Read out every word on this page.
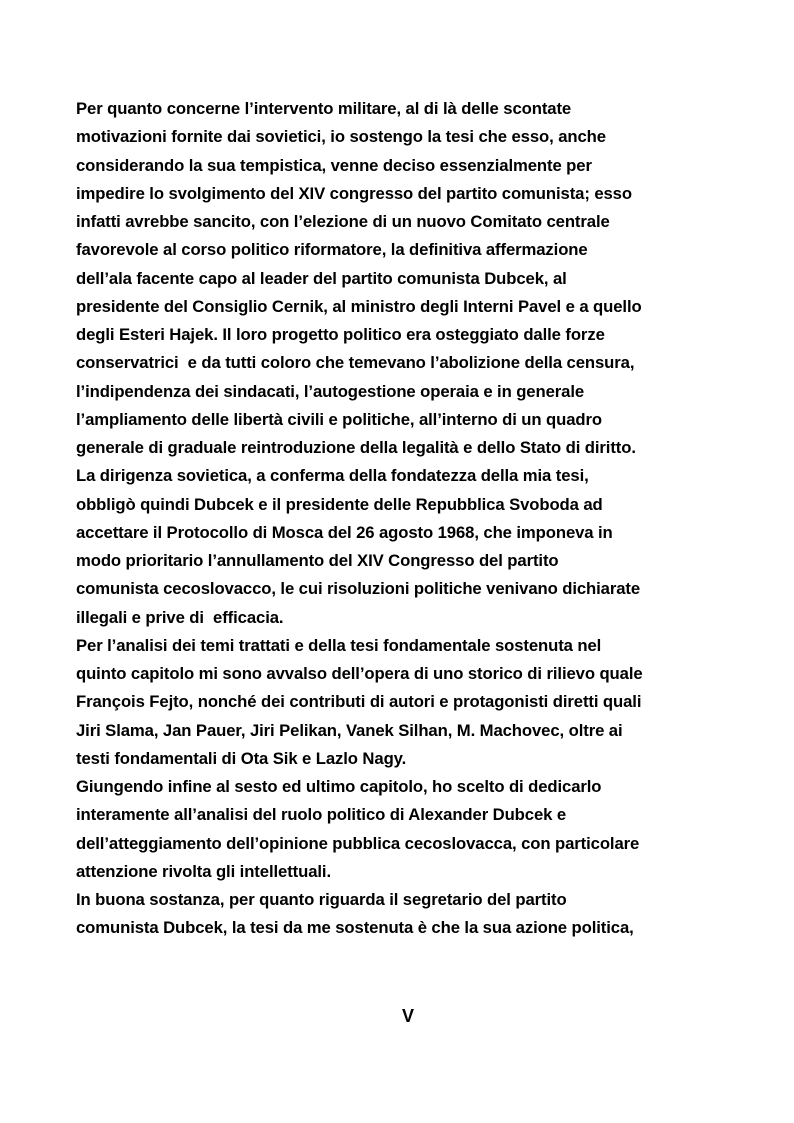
Per quanto concerne l’intervento militare, al di là delle scontate
motivazioni fornite dai sovietici, io sostengo la tesi che esso, anche
considerando la sua tempistica, venne deciso essenzialmente per
impedire lo svolgimento del XIV congresso del partito comunista; esso
infatti avrebbe sancito, con l’elezione di un nuovo Comitato centrale
favorevole al corso politico riformatore, la definitiva affermazione
dell’ala facente capo al leader del partito comunista Dubcek, al
presidente del Consiglio Cernik, al ministro degli Interni Pavel e a quello
degli Esteri Hajek. Il loro progetto politico era osteggiato dalle forze
conservatrici  e da tutti coloro che temevano l’abolizione della censura,
l’indipendenza dei sindacati, l’autogestione operaia e in generale
l’ampliamento delle libertà civili e politiche, all’interno di un quadro
generale di graduale reintroduzione della legalità e dello Stato di diritto.
La dirigenza sovietica, a conferma della fondatezza della mia tesi,
obbligò quindi Dubcek e il presidente delle Repubblica Svoboda ad
accettare il Protocollo di Mosca del 26 agosto 1968, che imponeva in
modo prioritario l’annullamento del XIV Congresso del partito
comunista cecoslovacco, le cui risoluzioni politiche venivano dichiarate
illegali e prive di  efficacia.
Per l’analisi dei temi trattati e della tesi fondamentale sostenuta nel
quinto capitolo mi sono avvalso dell’opera di uno storico di rilievo quale
François Fejto, nonché dei contributi di autori e protagonisti diretti quali
Jiri Slama, Jan Pauer, Jiri Pelikan, Vanek Silhan, M. Machovec, oltre ai
testi fondamentali di Ota Sik e Lazlo Nagy.
Giungendo infine al sesto ed ultimo capitolo, ho scelto di dedicarlo
interamente all’analisi del ruolo politico di Alexander Dubcek e
dell’atteggiamento dell’opinione pubblica cecoslovacca, con particolare
attenzione rivolta gli intellettuali.
In buona sostanza, per quanto riguarda il segretario del partito
comunista Dubcek, la tesi da me sostenuta è che la sua azione politica,
V
